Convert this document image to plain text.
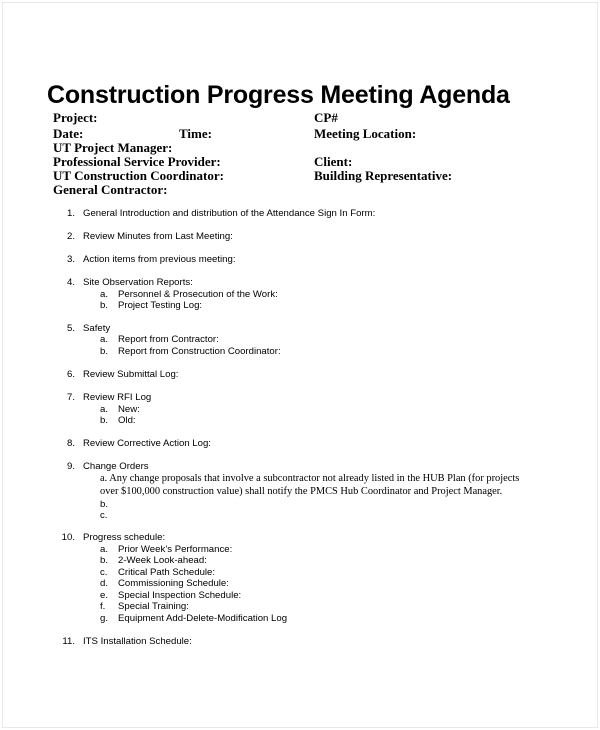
Construction Progress Meeting Agenda
Project:	CP#
Date:	Time:	Meeting Location:
UT Project Manager:
Professional Service Provider:	Client:
UT Construction Coordinator:	Building Representative:
General Contractor:
1. General Introduction and distribution of the Attendance Sign In Form:
2. Review Minutes from Last Meeting:
3. Action items from previous meeting:
4. Site Observation Reports:
a. Personnel & Prosecution of the Work:
b. Project Testing Log:
5. Safety
a. Report from Contractor:
b. Report from Construction Coordinator:
6. Review Submittal Log:
7. Review RFI Log
a. New:
b. Old:
8. Review Corrective Action Log:
9. Change Orders
a. Any change proposals that involve a subcontractor not already listed in the HUB Plan (for projects
over $100,000 construction value) shall notify the PMCS Hub Coordinator and Project Manager.
b.
c.
10. Progress schedule:
a. Prior Week’s Performance:
b. 2-Week Look-ahead:
c. Critical Path Schedule:
d. Commissioning Schedule:
e. Special Inspection Schedule:
f. Special Training:
g. Equipment Add-Delete-Modification Log
11. ITS Installation Schedule:
